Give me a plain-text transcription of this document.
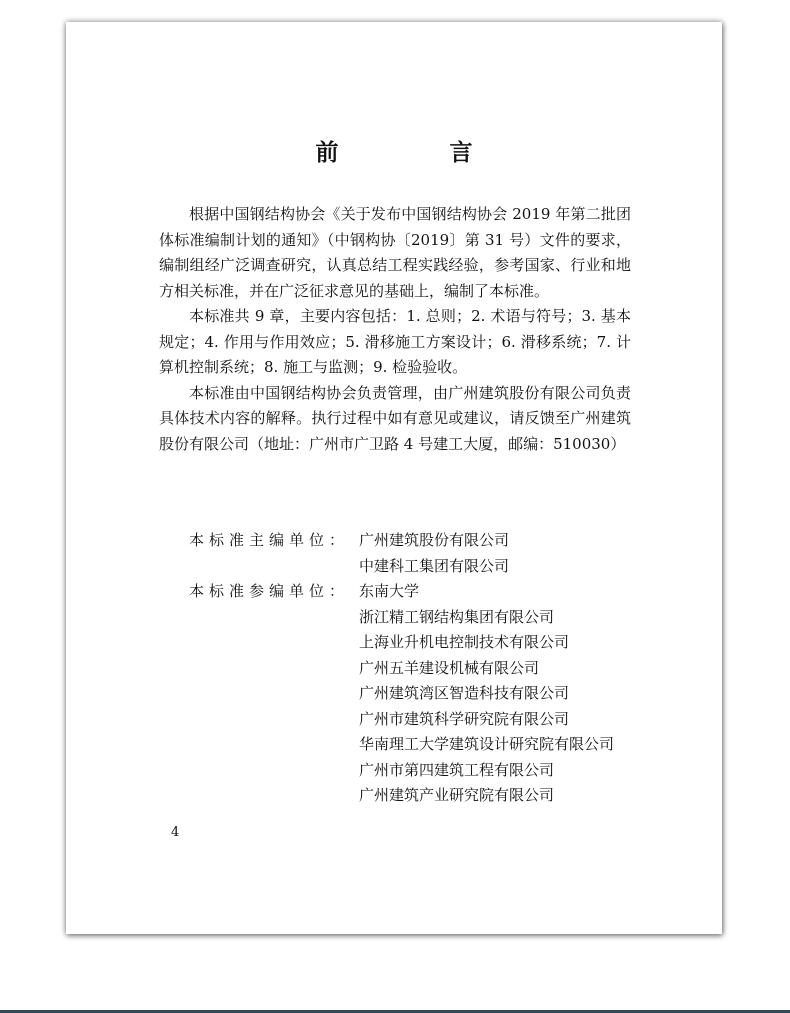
前　言

根据中国钢结构协会《关于发布中国钢结构协会 2019 年第二批团体标准编制计划的通知》（中钢构协〔2019〕第 31 号）文件的要求，编制组经广泛调查研究，认真总结工程实践经验，参考国家、行业和地方相关标准，并在广泛征求意见的基础上，编制了本标准。

本标准共 9 章，主要内容包括：1. 总则；2. 术语与符号；3. 基本规定；4. 作用与作用效应；5. 滑移施工方案设计；6. 滑移系统；7. 计算机控制系统；8. 施工与监测；9. 检验验收。

本标准由中国钢结构协会负责管理，由广州建筑股份有限公司负责具体技术内容的解释。执行过程中如有意见或建议，请反馈至广州建筑股份有限公司（地址：广州市广卫路 4 号建工大厦，邮编：510030）

本标准主编单位： 广州建筑股份有限公司
中建科工集团有限公司
本标准参编单位： 东南大学
浙江精工钢结构集团有限公司
上海业升机电控制技术有限公司
广州五羊建设机械有限公司
广州建筑湾区智造科技有限公司
广州市建筑科学研究院有限公司
华南理工大学建筑设计研究院有限公司
广州市第四建筑工程有限公司
广州建筑产业研究院有限公司
4
